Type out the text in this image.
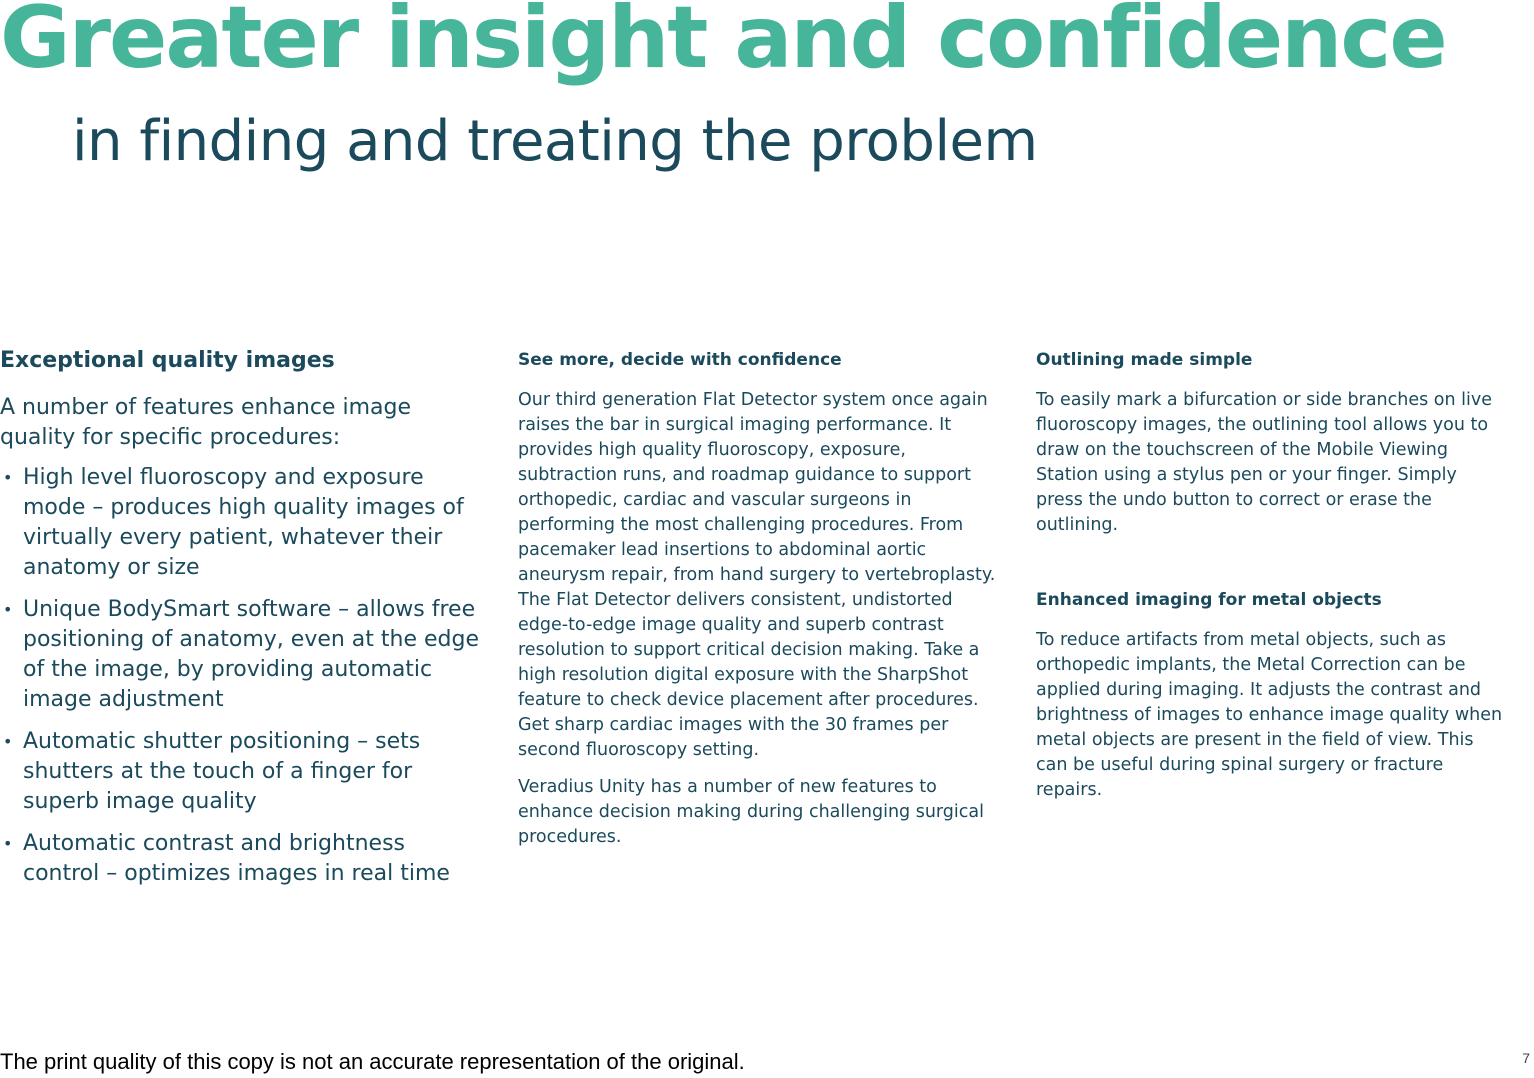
Greater insight and confidence
in finding and treating the problem
Exceptional quality images

A number of features enhance image quality for specific procedures:

• High level fluoroscopy and exposure mode – produces high quality images of virtually every patient, whatever their anatomy or size
• Unique BodySmart software – allows free positioning of anatomy, even at the edge of the image, by providing automatic image adjustment
• Automatic shutter positioning – sets shutters at the touch of a finger for superb image quality
• Automatic contrast and brightness control – optimizes images in real time
See more, decide with confidence

Our third generation Flat Detector system once again raises the bar in surgical imaging performance. It provides high quality fluoroscopy, exposure, subtraction runs, and roadmap guidance to support orthopedic, cardiac and vascular surgeons in performing the most challenging procedures. From pacemaker lead insertions to abdominal aortic aneurysm repair, from hand surgery to vertebroplasty. The Flat Detector delivers consistent, undistorted edge-to-edge image quality and superb contrast resolution to support critical decision making. Take a high resolution digital exposure with the SharpShot feature to check device placement after procedures. Get sharp cardiac images with the 30 frames per second fluoroscopy setting.

Veradius Unity has a number of new features to enhance decision making during challenging surgical procedures.

Outlining made simple

To easily mark a bifurcation or side branches on live fluoroscopy images, the outlining tool allows you to draw on the touchscreen of the Mobile Viewing Station using a stylus pen or your finger. Simply press the undo button to correct or erase the outlining.

Enhanced imaging for metal objects

To reduce artifacts from metal objects, such as orthopedic implants, the Metal Correction can be applied during imaging. It adjusts the contrast and brightness of images to enhance image quality when metal objects are present in the field of view. This can be useful during spinal surgery or fracture repairs.

The print quality of this copy is not an accurate representation of the original.	7
